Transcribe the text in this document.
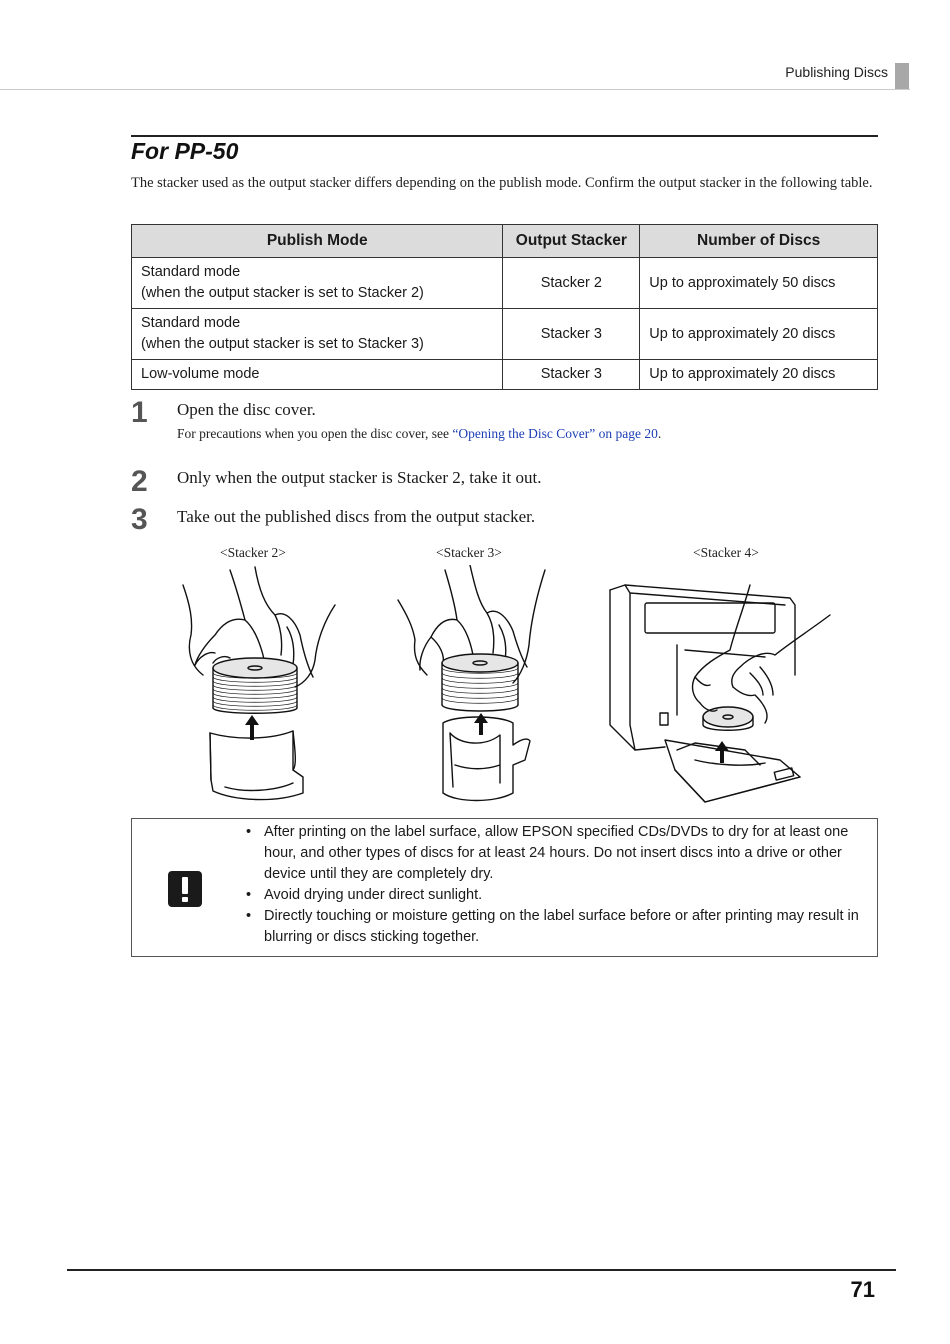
Publishing Discs
For PP-50

The stacker used as the output stacker differs depending on the publish mode. Confirm the output stacker in the following table.

Publish Mode	Output Stacker	Number of Discs

Standard mode
(when the output stacker is set to Stacker 2)	Stacker 2	Up to approximately 50 discs

Standard mode
(when the output stacker is set to Stacker 3)	Stacker 3	Up to approximately 20 discs
Low-volume mode	Stacker 3	Up to approximately 20 discs
1 Open the disc cover.
For precautions when you open the disc cover, see “Opening the Disc Cover” on page 20.
2 Only when the output stacker is Stacker 2, take it out.
3 Take out the published discs from the output stacker.
<Stacker 2>	<Stacker 3>	<Stacker 4>
• After printing on the label surface, allow EPSON specified CDs/DVDs to dry for at least one hour, and other types of discs for at least 24 hours. Do not insert discs into a drive or other device until they are completely dry.
• Avoid drying under direct sunlight.
• Directly touching or moisture getting on the label surface before or after printing may result in blurring or discs sticking together.
71
